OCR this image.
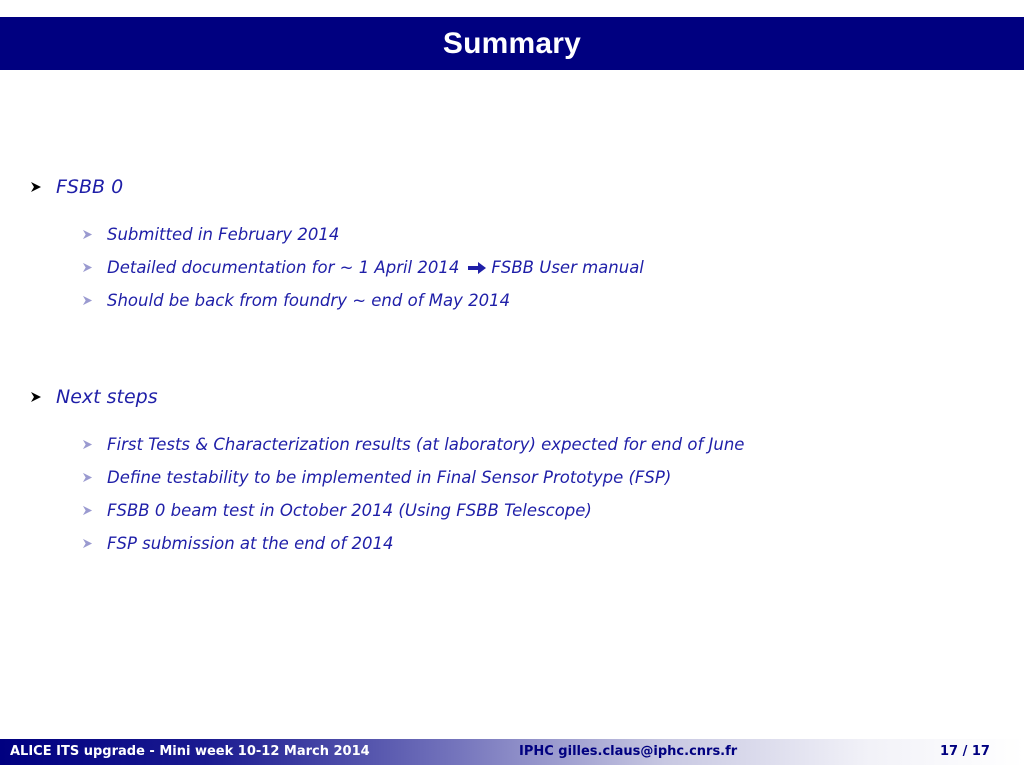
Summary
FSBB 0
Submitted in February 2014
Detailed documentation for ~ 1 April 2014 FSBB User manual
Should be back from foundry ~ end of May 2014
Next steps
First Tests & Characterization results (at laboratory) expected for end of June
Define testability to be implemented in Final Sensor Prototype (FSP)
FSBB 0 beam test in October 2014 (Using FSBB Telescope)
FSP submission at the end of 2014
ALICE ITS upgrade - Mini week 10-12 March 2014	IPHC gilles.claus@iphc.cnrs.fr	17 / 17
